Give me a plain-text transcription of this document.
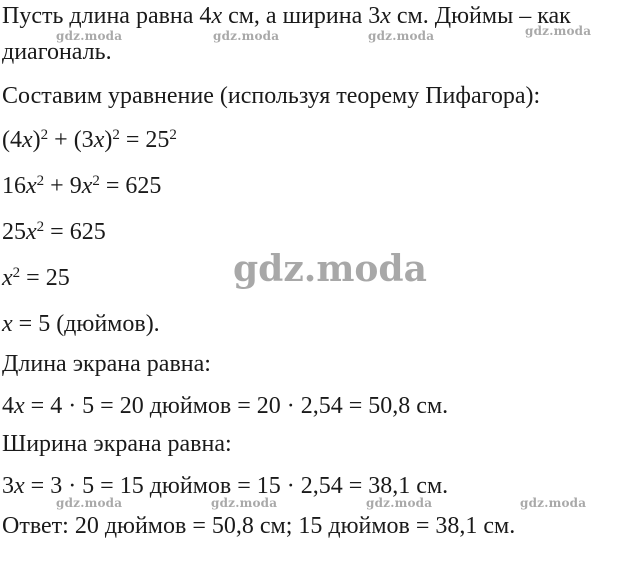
Пусть длина равна 4x см, а ширина 3x см. Дюймы – как
диагональ.
Составим уравнение (используя теорему Пифагора):
$(4x)^2 + (3x)^2 = 25^2$
$16x^2 + 9x^2 = 625$
$25x^2 = 625$
$x^2 = 25$
x = 5 (дюймов).
Длина экрана равна:
4x = 4 · 5 = 20 дюймов = 20 · 2,54 = 50,8 см.
Ширина экрана равна:
3x = 3 · 5 = 15 дюймов = 15 · 2,54 = 38,1 см.
Ответ: 20 дюймов = 50,8 см; 15 дюймов = 38,1 см.
gdz.moda	gdz.moda	gdz.moda	gdz.moda
gdz.moda
gdz.moda	gdz.moda	gdz.moda	gdz.moda
